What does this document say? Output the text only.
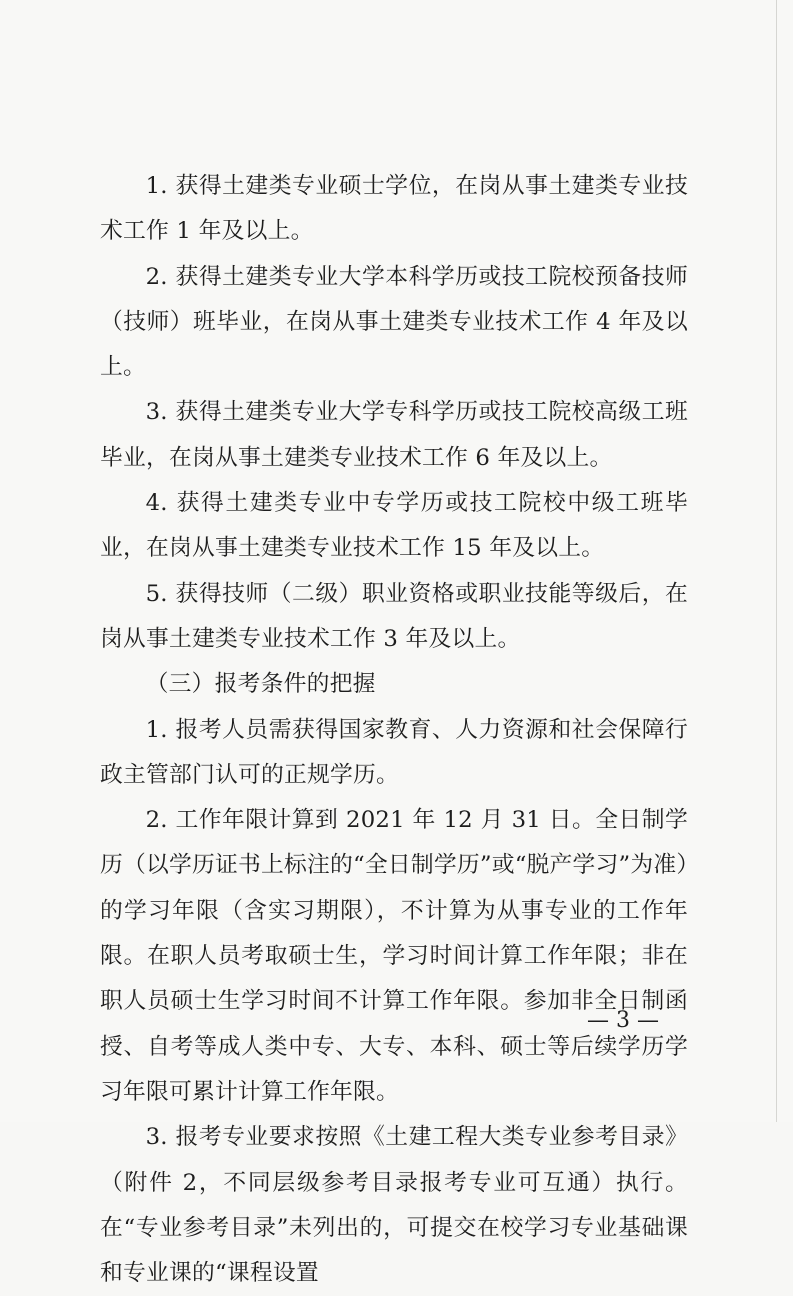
1. 获得土建类专业硕士学位，在岗从事土建类专业技术工作 1 年及以上。

2. 获得土建类专业大学本科学历或技工院校预备技师（技师）班毕业，在岗从事土建类专业技术工作 4 年及以上。

3. 获得土建类专业大学专科学历或技工院校高级工班毕业，在岗从事土建类专业技术工作 6 年及以上。

4. 获得土建类专业中专学历或技工院校中级工班毕业，在岗从事土建类专业技术工作 15 年及以上。

5. 获得技师（二级）职业资格或职业技能等级后，在岗从事土建类专业技术工作 3 年及以上。

（三）报考条件的把握

1. 报考人员需获得国家教育、人力资源和社会保障行政主管部门认可的正规学历。

2. 工作年限计算到 2021 年 12 月 31 日。全日制学历（以学历证书上标注的“全日制学历”或“脱产学习”为准）的学习年限（含实习期限），不计算为从事专业的工作年限。在职人员考取硕士生，学习时间计算工作年限；非在职人员硕士生学习时间不计算工作年限。参加非全日制函授、自考等成人类中专、大专、本科、硕士等后续学历学习年限可累计计算工作年限。

3. 报考专业要求按照《土建工程大类专业参考目录》（附件 2，不同层级参考目录报考专业可互通）执行。在“专业参考目录”未列出的，可提交在校学习专业基础课和专业课的“课程设置

— 3 —
